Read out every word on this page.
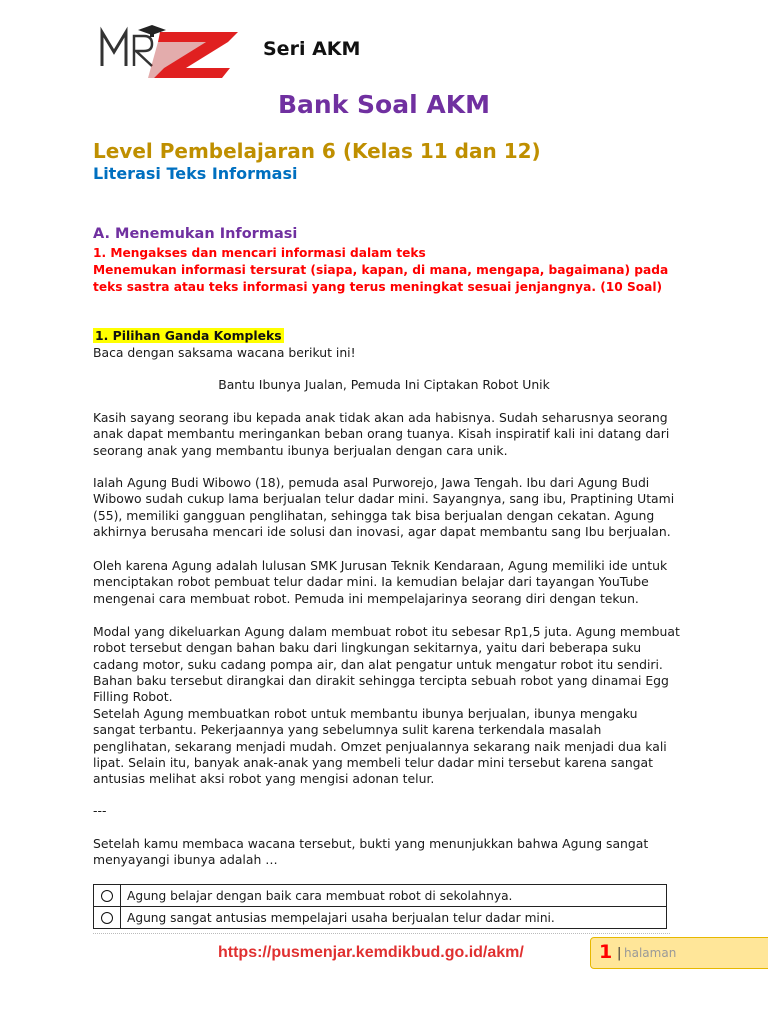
Seri AKM
Bank Soal AKM
Level Pembelajaran 6 (Kelas 11 dan 12)
Literasi Teks Informasi
A. Menemukan Informasi
1. Mengakses dan mencari informasi dalam teks
Menemukan informasi tersurat (siapa, kapan, di mana, mengapa, bagaimana) pada teks sastra atau teks informasi yang terus meningkat sesuai jenjangnya. (10 Soal)
1. Pilihan Ganda Kompleks
Baca dengan saksama wacana berikut ini!
Bantu Ibunya Jualan, Pemuda Ini Ciptakan Robot Unik
Kasih sayang seorang ibu kepada anak tidak akan ada habisnya. Sudah seharusnya seorang anak dapat membantu meringankan beban orang tuanya. Kisah inspiratif kali ini datang dari seorang anak yang membantu ibunya berjualan dengan cara unik.
Ialah Agung Budi Wibowo (18), pemuda asal Purworejo, Jawa Tengah. Ibu dari Agung Budi Wibowo sudah cukup lama berjualan telur dadar mini. Sayangnya, sang ibu, Praptining Utami (55), memiliki gangguan penglihatan, sehingga tak bisa berjualan dengan cekatan. Agung akhirnya berusaha mencari ide solusi dan inovasi, agar dapat membantu sang Ibu berjualan.
Oleh karena Agung adalah lulusan SMK Jurusan Teknik Kendaraan, Agung memiliki ide untuk menciptakan robot pembuat telur dadar mini. Ia kemudian belajar dari tayangan YouTube mengenai cara membuat robot. Pemuda ini mempelajarinya seorang diri dengan tekun.
Modal yang dikeluarkan Agung dalam membuat robot itu sebesar Rp1,5 juta. Agung membuat robot tersebut dengan bahan baku dari lingkungan sekitarnya, yaitu dari beberapa suku cadang motor, suku cadang pompa air, dan alat pengatur untuk mengatur robot itu sendiri. Bahan baku tersebut dirangkai dan dirakit sehingga tercipta sebuah robot yang dinamai Egg Filling Robot.
Setelah Agung membuatkan robot untuk membantu ibunya berjualan, ibunya mengaku sangat terbantu. Pekerjaannya yang sebelumnya sulit karena terkendala masalah penglihatan, sekarang menjadi mudah. Omzet penjualannya sekarang naik menjadi dua kali lipat. Selain itu, banyak anak-anak yang membeli telur dadar mini tersebut karena sangat antusias melihat aksi robot yang mengisi adonan telur.
---
Setelah kamu membaca wacana tersebut, bukti yang menunjukkan bahwa Agung sangat menyayangi ibunya adalah …
	Agung belajar dengan baik cara membuat robot di sekolahnya.
	Agung sangat antusias mempelajari usaha berjualan telur dadar mini.
https://pusmenjar.kemdikbud.go.id/akm/	1 | halaman
